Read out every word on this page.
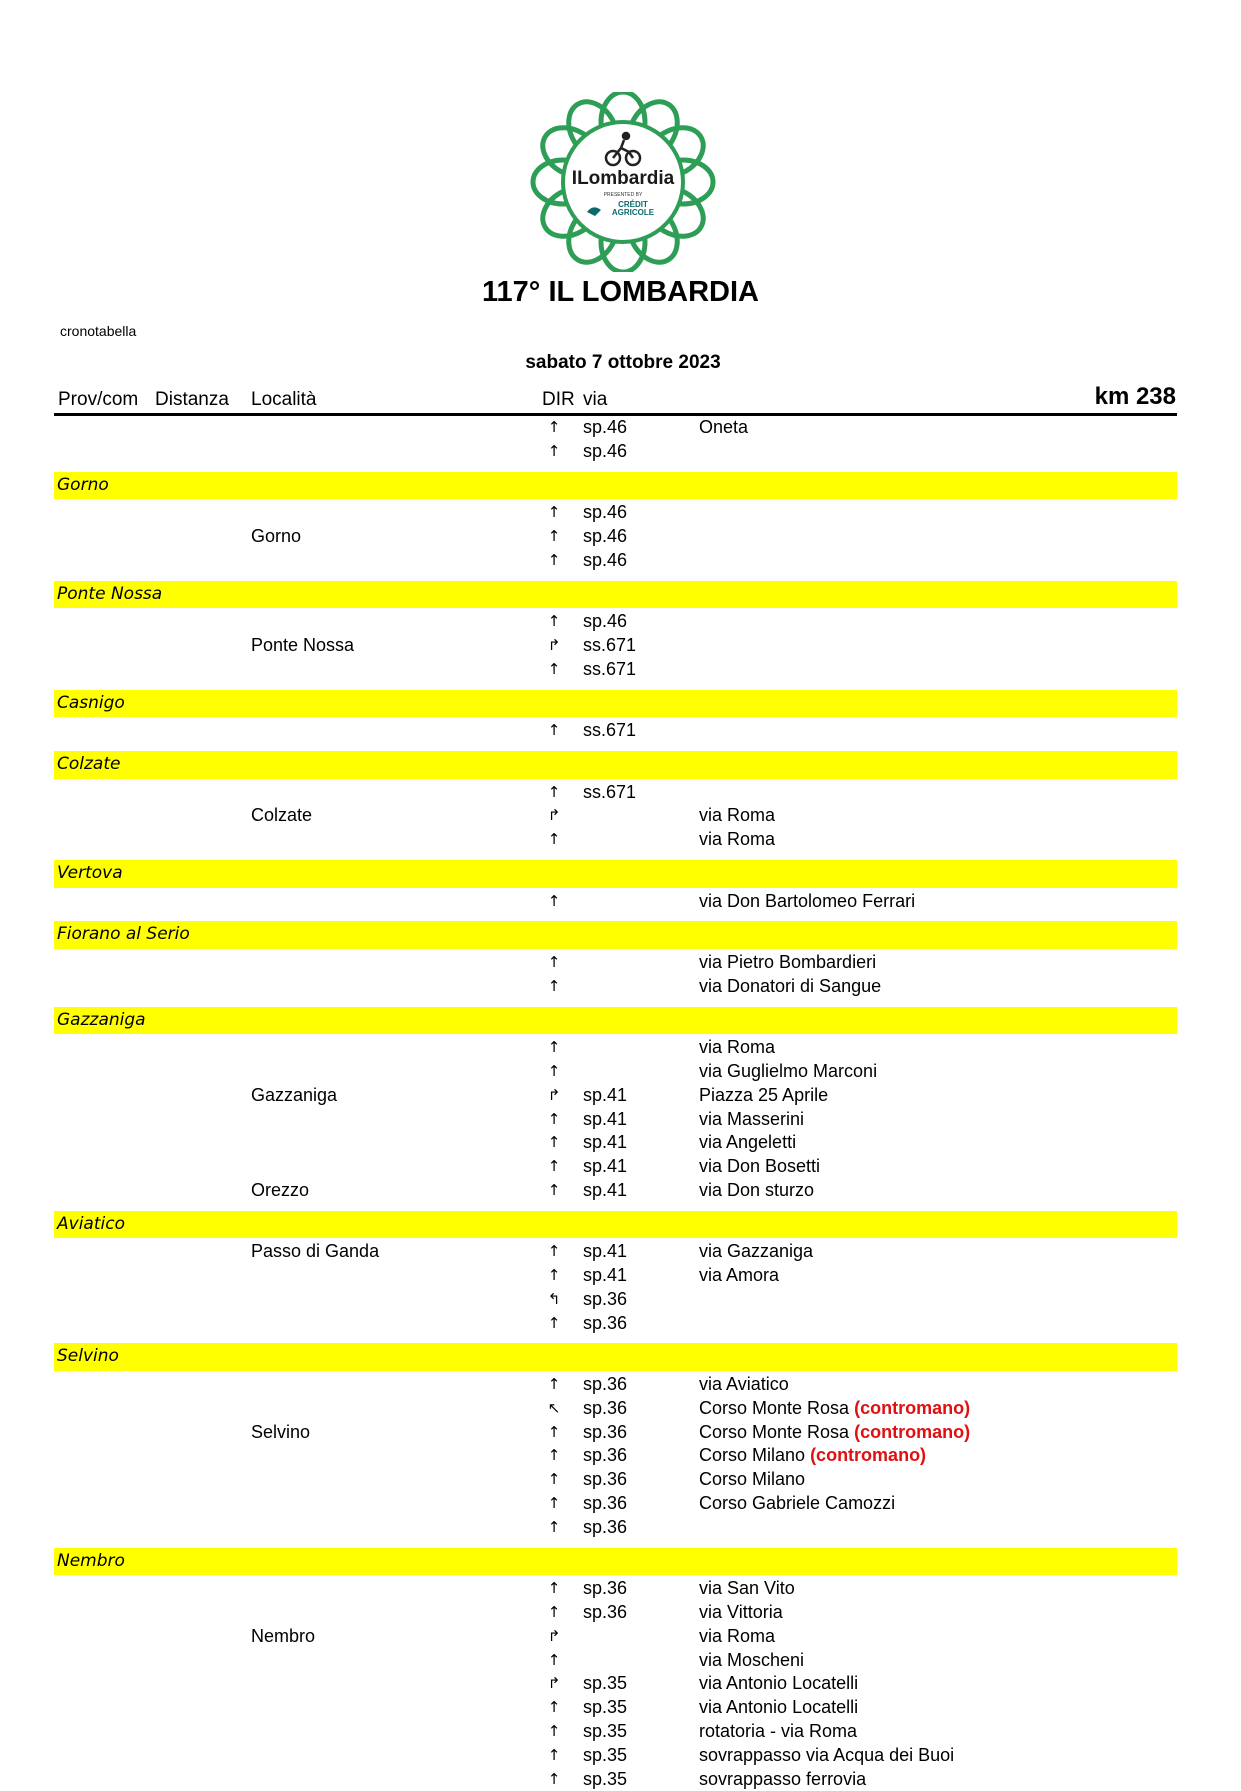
ILombardia
PRESENTED BY
CRÉDIT
AGRICOLE
117° IL LOMBARDIA
cronotabella
sabato 7 ottobre 2023
Prov/com Distanza Località	DIR via	km 238
↑ sp.46	Oneta
↑ sp.46
Gorno
↑ sp.46
Gorno	↑ sp.46
↑ sp.46
Ponte Nossa
↑ sp.46
Ponte Nossa	↱ ss.671
↑ ss.671
Casnigo
↑ ss.671
Colzate
↑ ss.671
Colzate	↱	via Roma
↑	via Roma
Vertova
↑	via Don Bartolomeo Ferrari
Fiorano al Serio
↑	via Pietro Bombardieri
↑	via Donatori di Sangue
Gazzaniga
↑	via Roma
↑	via Guglielmo Marconi
Gazzaniga	↱ sp.41	Piazza 25 Aprile
↑ sp.41	via Masserini
↑ sp.41	via Angeletti
↑ sp.41	via Don Bosetti
Orezzo	↑ sp.41	via Don sturzo
Aviatico
Passo di Ganda	↑ sp.41	via Gazzaniga
↑ sp.41	via Amora
↰ sp.36
↑ sp.36
Selvino
↑ sp.36	via Aviatico
↖ sp.36	Corso Monte Rosa (contromano)
Selvino	↑ sp.36	Corso Monte Rosa (contromano)
↑ sp.36	Corso Milano (contromano)
↑ sp.36	Corso Milano
↑ sp.36	Corso Gabriele Camozzi
↑ sp.36
Nembro
↑ sp.36	via San Vito
↑ sp.36	via Vittoria
Nembro	↱	via Roma
↑	via Moscheni
↱ sp.35	via Antonio Locatelli
↑ sp.35	via Antonio Locatelli
↑ sp.35	rotatoria - via Roma
↑ sp.35	sovrappasso via Acqua dei Buoi
↑ sp.35	sovrappasso ferrovia
